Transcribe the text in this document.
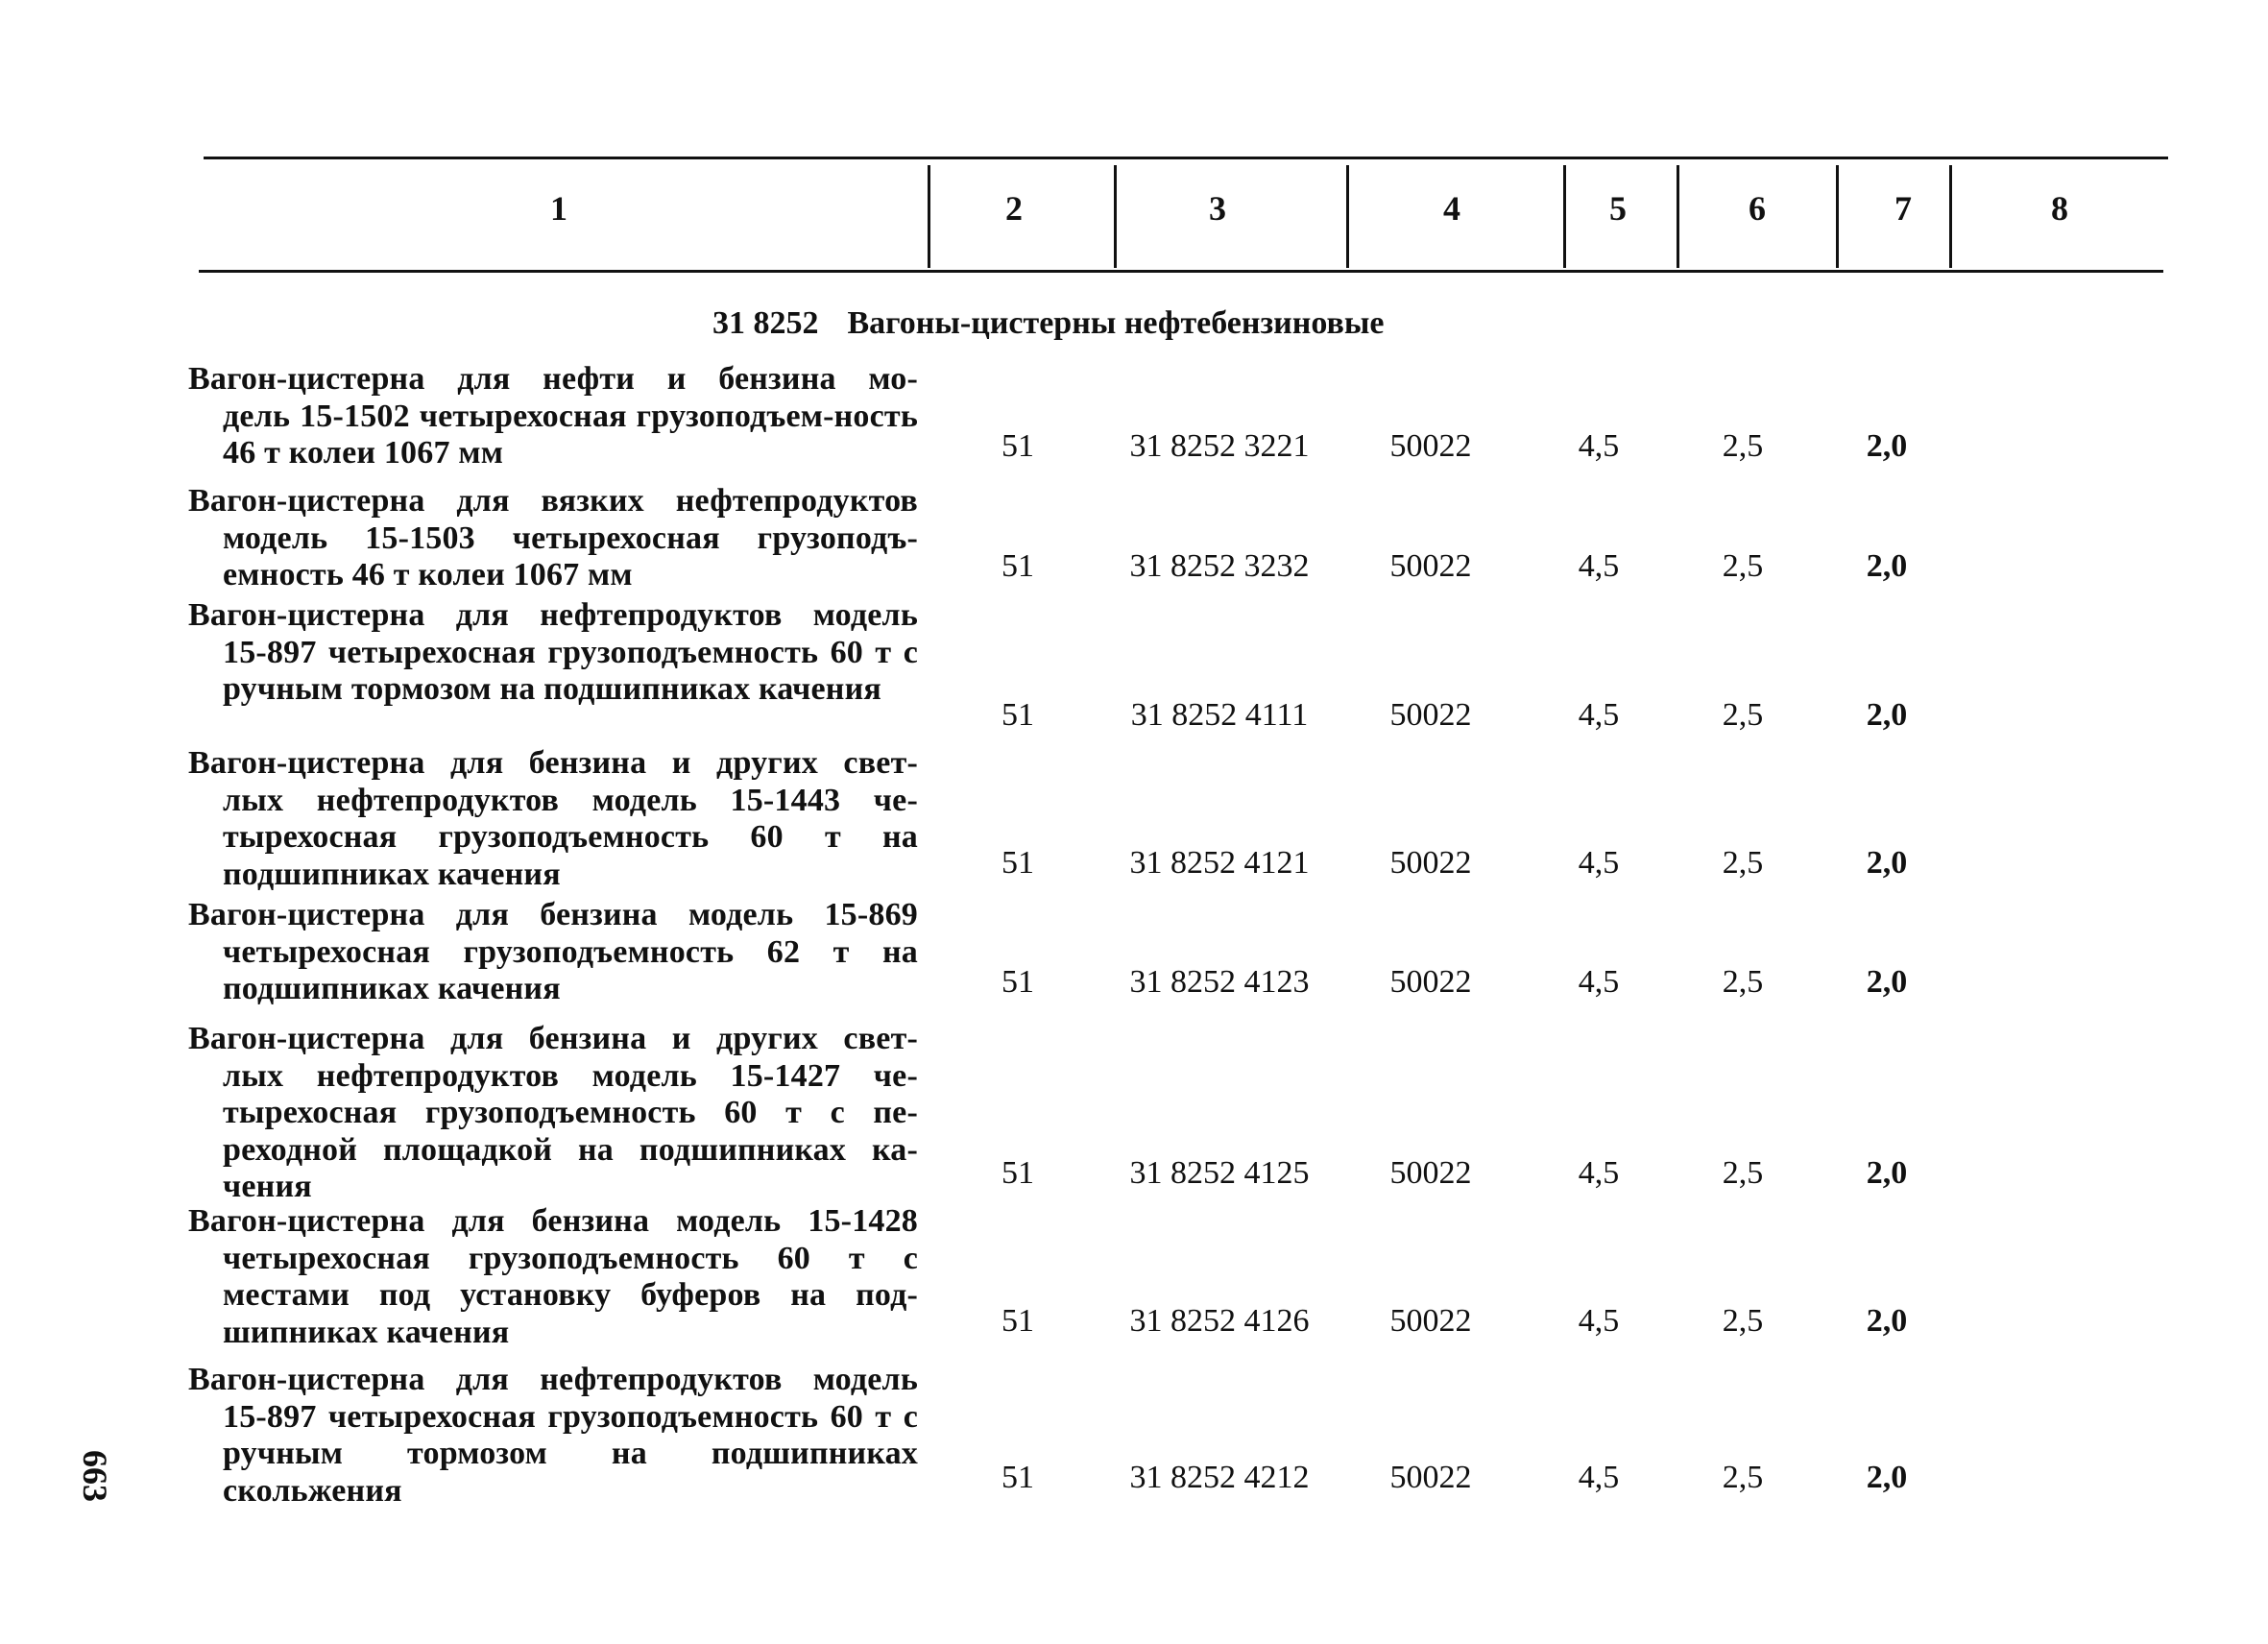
1	2	3	4	5	6	7	8
31 8252 Вагоны-цистерны нефтебензиновые
Вагон-цистерна для нефти и бензина мо-
дель 15-1502 четырехосная грузоподъем-ность 46 т колеи 1067 мм	51	31 8252 3221	50022	4,5	2,5	2,0
Вагон-цистерна для вязких нефтепродуктов
модель 15-1503 четырехосная грузоподъ-емность 46 т колеи 1067 мм	51	31 8252 3232	50022	4,5	2,5	2,0
Вагон-цистерна для нефтепродуктов модель
15-897 четырехосная грузоподъемность 60 т с ручным тормозом на подшипниках качения
51	31 8252 4111	50022	4,5	2,5	2,0
Вагон-цистерна для бензина и других свет-
лых нефтепродуктов модель 15-1443 че-тырехосная грузоподъемность 60 т на подшипниках качения	51	31 8252 4121	50022	4,5	2,5	2,0
Вагон-цистерна для бензина модель 15-869
четырехосная грузоподъемность 62 т на подшипниках качения	51	31 8252 4123	50022	4,5	2,5	2,0
Вагон-цистерна для бензина и других свет-
лых нефтепродуктов модель 15-1427 че-тырехосная грузоподъемность 60 т с пе-реходной площадкой на подшипниках ка-чения	51	31 8252 4125	50022	4,5	2,5	2,0
Вагон-цистерна для бензина модель 15-1428
четырехосная грузоподъемность 60 т с местами под установку буферов на под-шипниках качения	51	31 8252 4126	50022	4,5	2,5	2,0
Вагон-цистерна для нефтепродуктов модель
15-897 четырехосная грузоподъемность 60 т с ручным тормозом на подшипниках скольжения	51	31 8252 4212	50022	4,5	2,5	2,0
663
